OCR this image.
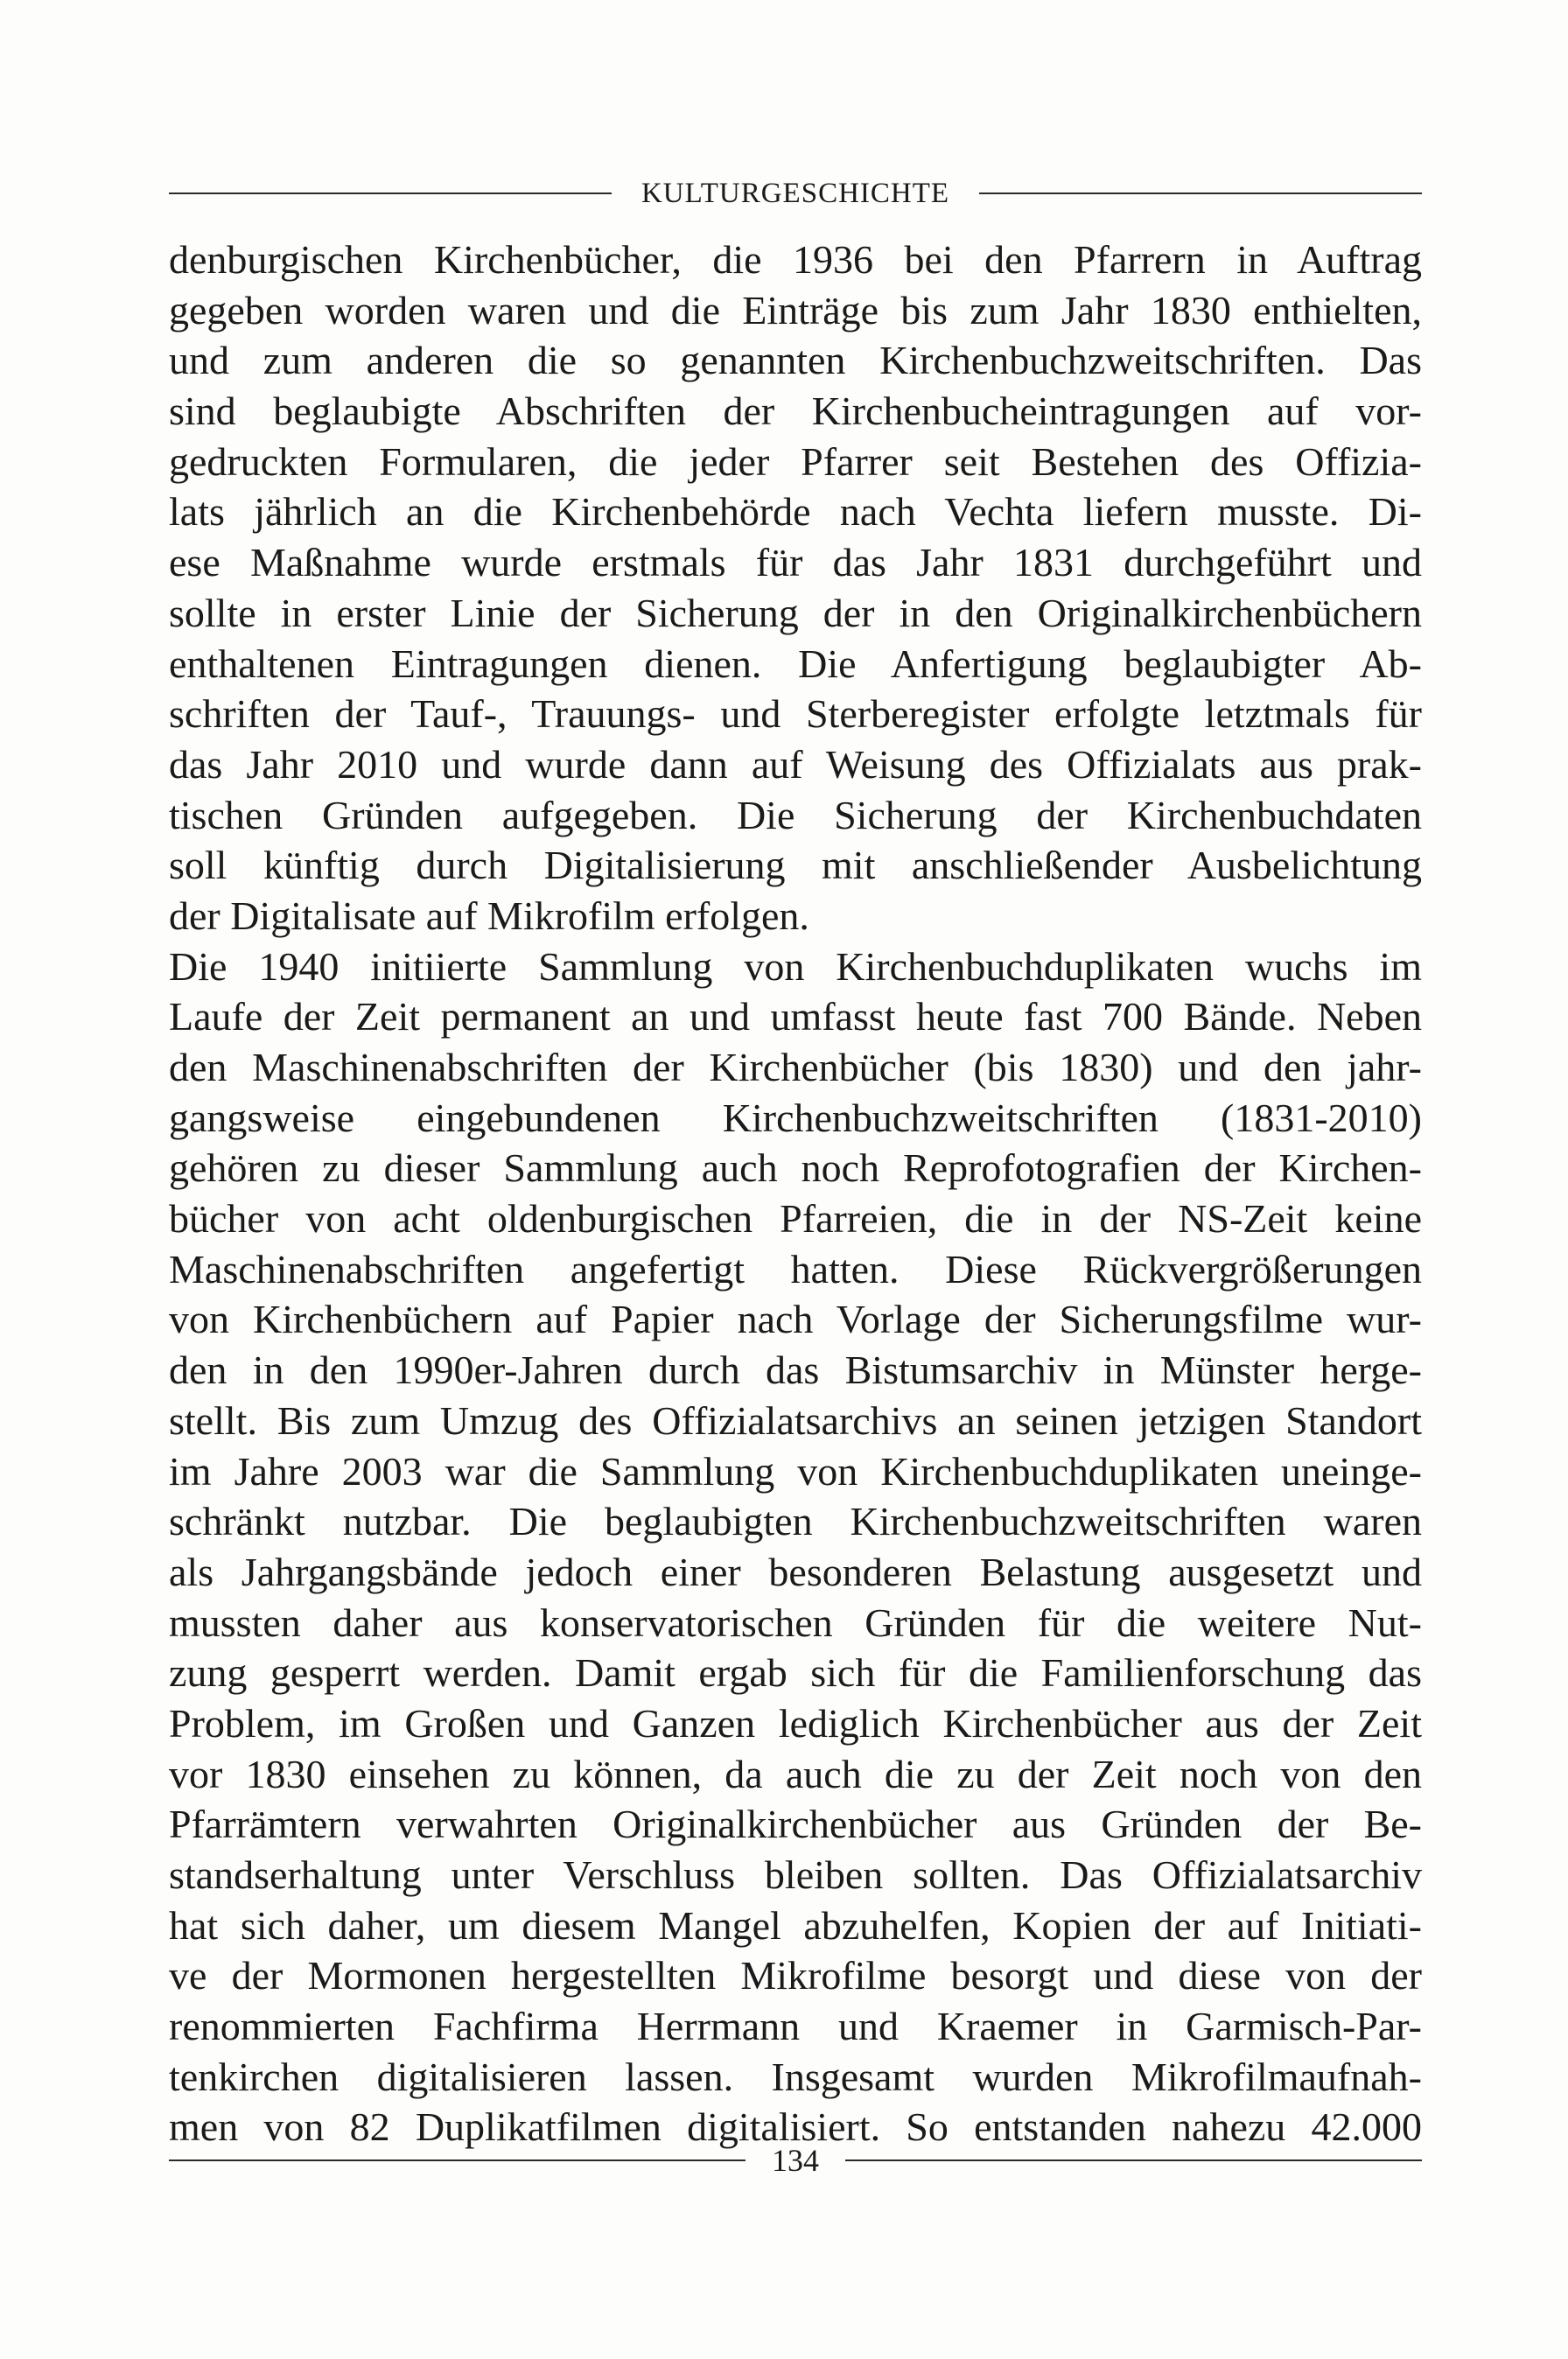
KULTURGESCHICHTE
denburgischen Kirchenbücher, die 1936 bei den Pfarrern in Auftrag
gegeben worden waren und die Einträge bis zum Jahr 1830 enthielten,
und zum anderen die so genannten Kirchenbuchzweitschriften. Das
sind beglaubigte Abschriften der Kirchenbucheintragungen auf vor-
gedruckten Formularen, die jeder Pfarrer seit Bestehen des Offizia-
lats jährlich an die Kirchenbehörde nach Vechta liefern musste. Di-
ese Maßnahme wurde erstmals für das Jahr 1831 durchgeführt und
sollte in erster Linie der Sicherung der in den Originalkirchenbüchern
enthaltenen Eintragungen dienen. Die Anfertigung beglaubigter Ab-
schriften der Tauf-, Trauungs- und Sterberegister erfolgte letztmals für
das Jahr 2010 und wurde dann auf Weisung des Offizialats aus prak-
tischen Gründen aufgegeben. Die Sicherung der Kirchenbuchdaten
soll künftig durch Digitalisierung mit anschließender Ausbelichtung
der Digitalisate auf Mikrofilm erfolgen.
Die 1940 initiierte Sammlung von Kirchenbuchduplikaten wuchs im
Laufe der Zeit permanent an und umfasst heute fast 700 Bände. Neben
den Maschinenabschriften der Kirchenbücher (bis 1830) und den jahr-
gangsweise eingebundenen Kirchenbuchzweitschriften (1831-2010)
gehören zu dieser Sammlung auch noch Reprofotografien der Kirchen-
bücher von acht oldenburgischen Pfarreien, die in der NS-Zeit keine
Maschinenabschriften angefertigt hatten. Diese Rückvergrößerungen
von Kirchenbüchern auf Papier nach Vorlage der Sicherungsfilme wur-
den in den 1990er-Jahren durch das Bistumsarchiv in Münster herge-
stellt. Bis zum Umzug des Offizialatsarchivs an seinen jetzigen Standort
im Jahre 2003 war die Sammlung von Kirchenbuchduplikaten uneinge-
schränkt nutzbar. Die beglaubigten Kirchenbuchzweitschriften waren
als Jahrgangsbände jedoch einer besonderen Belastung ausgesetzt und
mussten daher aus konservatorischen Gründen für die weitere Nut-
zung gesperrt werden. Damit ergab sich für die Familienforschung das
Problem, im Großen und Ganzen lediglich Kirchenbücher aus der Zeit
vor 1830 einsehen zu können, da auch die zu der Zeit noch von den
Pfarrämtern verwahrten Originalkirchenbücher aus Gründen der Be-
standserhaltung unter Verschluss bleiben sollten. Das Offizialatsarchiv
hat sich daher, um diesem Mangel abzuhelfen, Kopien der auf Initiati-
ve der Mormonen hergestellten Mikrofilme besorgt und diese von der
renommierten Fachfirma Herrmann und Kraemer in Garmisch-Par-
tenkirchen digitalisieren lassen. Insgesamt wurden Mikrofilmaufnah-
men von 82 Duplikatfilmen digitalisiert. So entstanden nahezu 42.000
134
